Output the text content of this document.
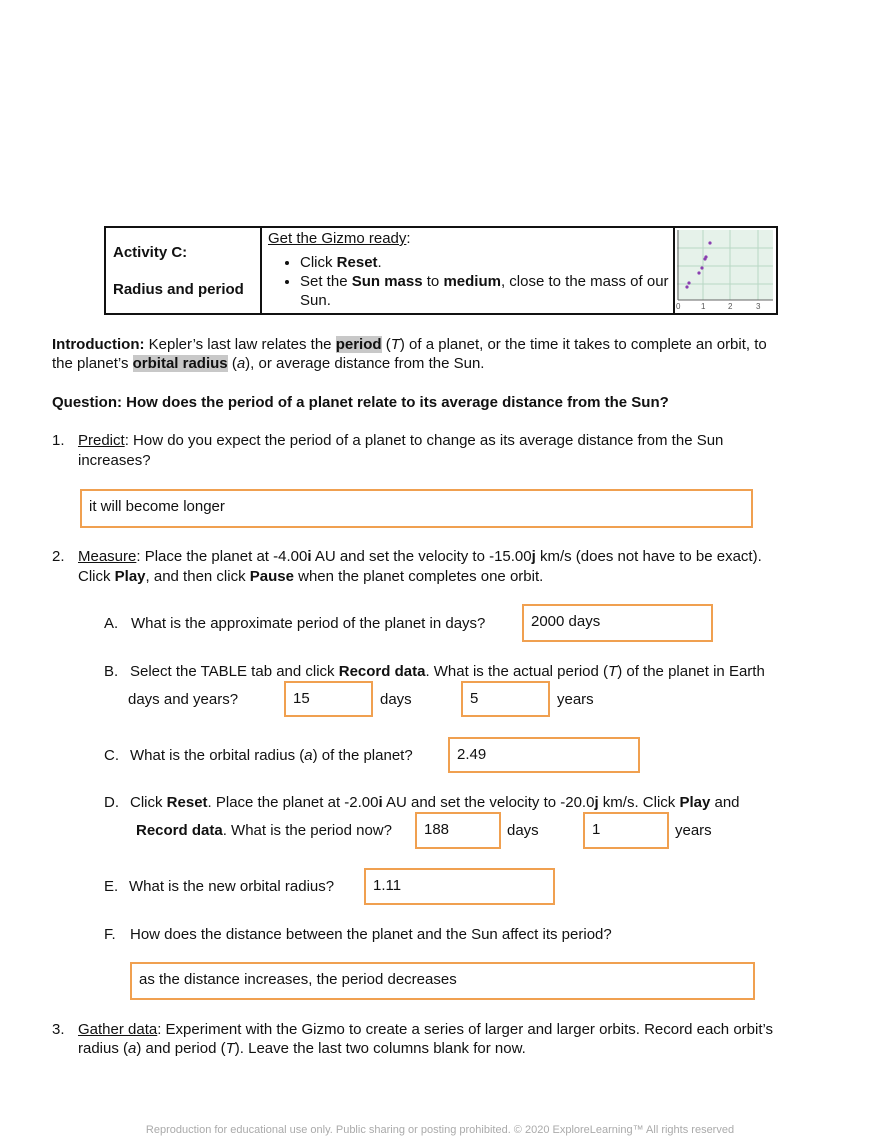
Activity C:
Radius and period

Get the Gizmo ready:
• Click Reset.
• Set the Sun mass to medium, close to the mass of our Sun.	0	1	2	3
Introduction: Kepler’s last law relates the period (T) of a planet, or the time it takes to complete an orbit, to
the planet’s orbital radius (a), or average distance from the Sun.
Question: How does the period of a planet relate to its average distance from the Sun?
1. Predict: How do you expect the period of a planet to change as its average distance from the Sun
increases?
it will become longer
2. Measure: Place the planet at -4.00i AU and set the velocity to -15.00j km/s (does not have to be exact).
Click Play, and then click Pause when the planet completes one orbit.
A. What is the approximate period of the planet in days?	2000 days
B. Select the TABLE tab and click Record data. What is the actual period (T) of the planet in Earth
days and years?	15	days	5	years
C. What is the orbital radius (a) of the planet?	2.49
D. Click Reset. Place the planet at -2.00i AU and set the velocity to -20.0j km/s. Click Play and
Record data. What is the period now?	188	days	1	years
E. What is the new orbital radius?	1.11
F. How does the distance between the planet and the Sun affect its period?
as the distance increases, the period decreases
3. Gather data: Experiment with the Gizmo to create a series of larger and larger orbits. Record each orbit’s
radius (a) and period (T). Leave the last two columns blank for now.
Reproduction for educational use only. Public sharing or posting prohibited. © 2020 ExploreLearning™ All rights reserved
